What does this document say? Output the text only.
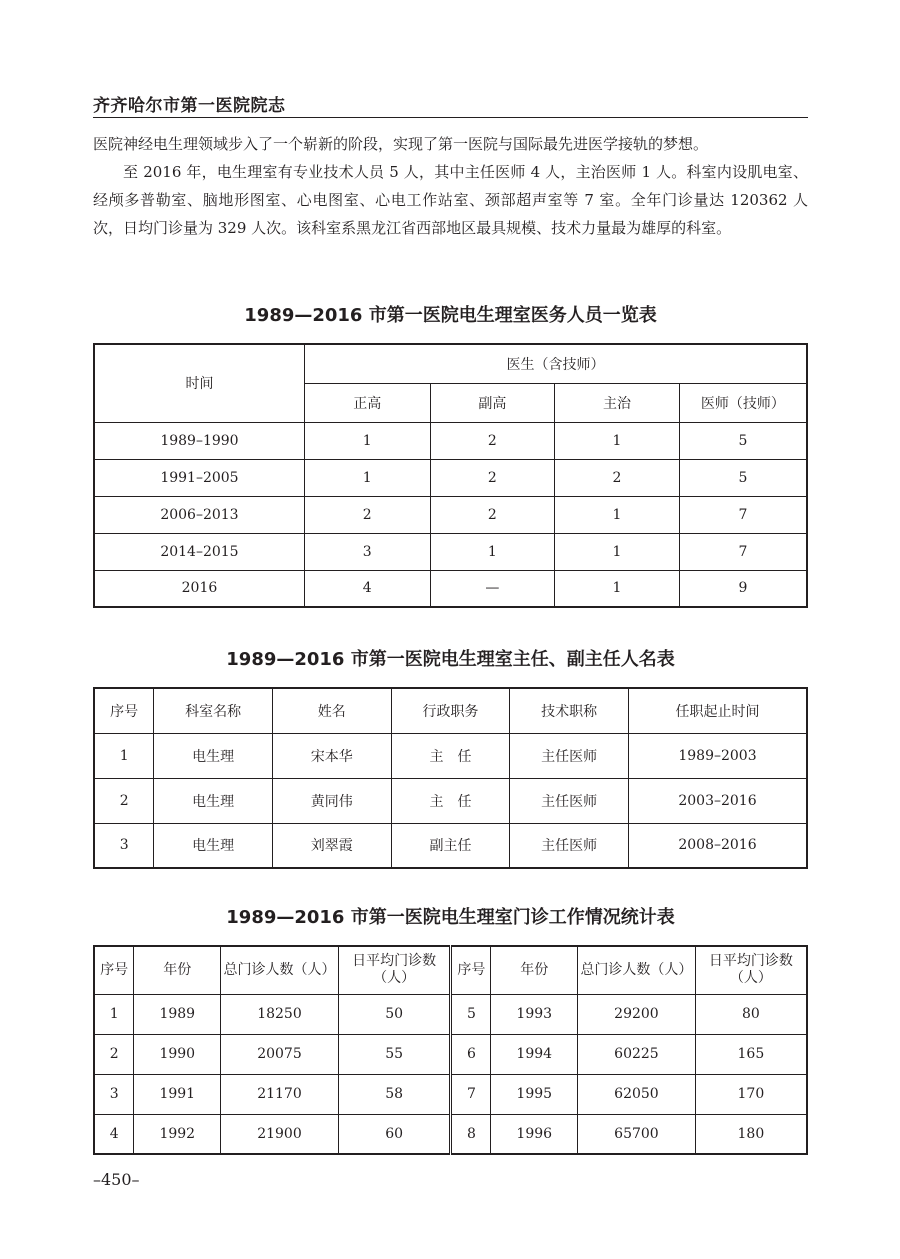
齐齐哈尔市第一医院院志

医院神经电生理领域步入了一个崭新的阶段，实现了第一医院与国际最先进医学接轨的梦想。

至 2016 年，电生理室有专业技术人员 5 人，其中主任医师 4 人，主治医师 1 人。科室内设肌电室、经颅多普勒室、脑地形图室、心电图室、心电工作站室、颈部超声室等 7 室。全年门诊量达 120362 人次，日均门诊量为 329 人次。该科室系黑龙江省西部地区最具规模、技术力量最为雄厚的科室。

1989—2016 市第一医院电生理室医务人员一览表
时间	医生（含技师）			
	正高	副高	主治	医师（技师）
1989–1990	1	2	1	5
1991–2005	1	2	2	5
2006–2013	2	2	1	7
2014–2015	3	1	1	7
2016	4	—	1	9
1989—2016 市第一医院电生理室主任、副主任人名表
序号	科室名称	姓名	行政职务	技术职称	任职起止时间
1	电生理	宋本华	主　任	主任医师	1989–2003
2	电生理	黄同伟	主　任	主任医师	2003–2016
3	电生理	刘翠霞	副主任	主任医师	2008–2016
1989—2016 市第一医院电生理室门诊工作情况统计表
序号	年份	总门诊人数（人）	日平均门诊数（人）	序号	年份	总门诊人数（人）	日平均门诊数（人）
1	1989	18250	50	5	1993	29200	80
2	1990	20075	55	6	1994	60225	165
3	1991	21170	58	7	1995	62050	170
4	1992	21900	60	8	1996	65700	180
–450–
